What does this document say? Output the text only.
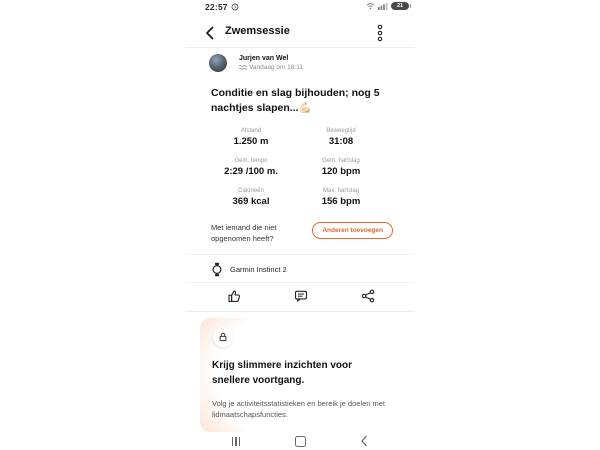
22:57	21
Zwemsessie
Jurjen van Wel
Vandaag om 18:11
Conditie en slag bijhouden; nog 5 nachtjes slapen...💪🏻
Afstand
1.250 m
Beweegtijd
31:08
Gem. tempo
2:29 /100 m.
Gem. hartslag
120 bpm
Calorieën
369 kcal
Max. hartslag
156 bpm
Met iemand die niet opgenomen heeft?
Anderen toevoegen
Garmin Instinct 2
Krijg slimmere inzichten voor snellere voortgang.
Volg je activiteitsstatistieken en bereik je doelen met lidmaatschapsfuncties.
